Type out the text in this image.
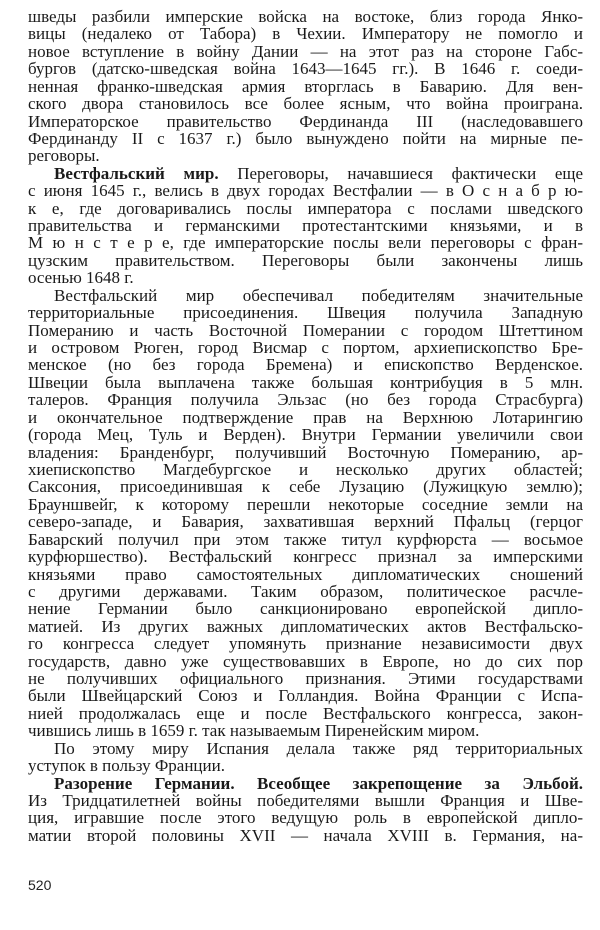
шведы разбили имперские войска на востоке, близ города Янко-
вицы (недалеко от Табора) в Чехии. Императору не помогло и
новое вступление в войну Дании — на этот раз на стороне Габс-
бургов (датско-шведская война 1643—1645 гг.). В 1646 г. соеди-
ненная франко-шведская армия вторглась в Баварию. Для вен-
ского двора становилось все более ясным, что война проиграна.
Императорское правительство Фердинанда III (наследовавшего
Фердинанду II с 1637 г.) было вынуждено пойти на мирные пе-
реговоры.
Вестфальский мир. Переговоры, начавшиеся фактически еще
с июня 1645 г., велись в двух городах Вестфалии — в О с н а б р ю-
к е, где договаривались послы императора с послами шведского
правительства и германскими протестантскими князьями, и в
М ю н с т е р е, где императорские послы вели переговоры с фран-
цузским правительством. Переговоры были закончены лишь
осенью 1648 г.
Вестфальский мир обеспечивал победителям значительные
территориальные присоединения. Швеция получила Западную
Померанию и часть Восточной Померании с городом Штеттином
и островом Рюген, город Висмар с портом, архиепископство Бре-
менское (но без города Бремена) и епископство Верденское.
Швеции была выплачена также большая контрибуция в 5 млн.
талеров. Франция получила Эльзас (но без города Страсбурга)
и окончательное подтверждение прав на Верхнюю Лотарингию
(города Мец, Туль и Верден). Внутри Германии увеличили свои
владения: Бранденбург, получивший Восточную Померанию, ар-
хиепископство Магдебургское и несколько других областей;
Саксония, присоединившая к себе Лузацию (Лужицкую землю);
Брауншвейг, к которому перешли некоторые соседние земли на
северо-западе, и Бавария, захватившая верхний Пфальц (герцог
Баварский получил при этом также титул курфюрста — восьмое
курфюршество). Вестфальский конгресс признал за имперскими
князьями право самостоятельных дипломатических сношений
с другими державами. Таким образом, политическое расчле-
нение Германии было санкционировано европейской дипло-
матией. Из других важных дипломатических актов Вестфальско-
го конгресса следует упомянуть признание независимости двух
государств, давно уже существовавших в Европе, но до сих пор
не получивших официального признания. Этими государствами
были Швейцарский Союз и Голландия. Война Франции с Испа-
нией продолжалась еще и после Вестфальского конгресса, закон-
чившись лишь в 1659 г. так называемым Пиренейским миром.
По этому миру Испания делала также ряд территориальных
уступок в пользу Франции.
Разорение Германии. Всеобщее закрепощение за Эльбой.
Из Тридцатилетней войны победителями вышли Франция и Шве-
ция, игравшие после этого ведущую роль в европейской дипло-
матии второй половины XVII — начала XVIII в. Германия, на-
520
